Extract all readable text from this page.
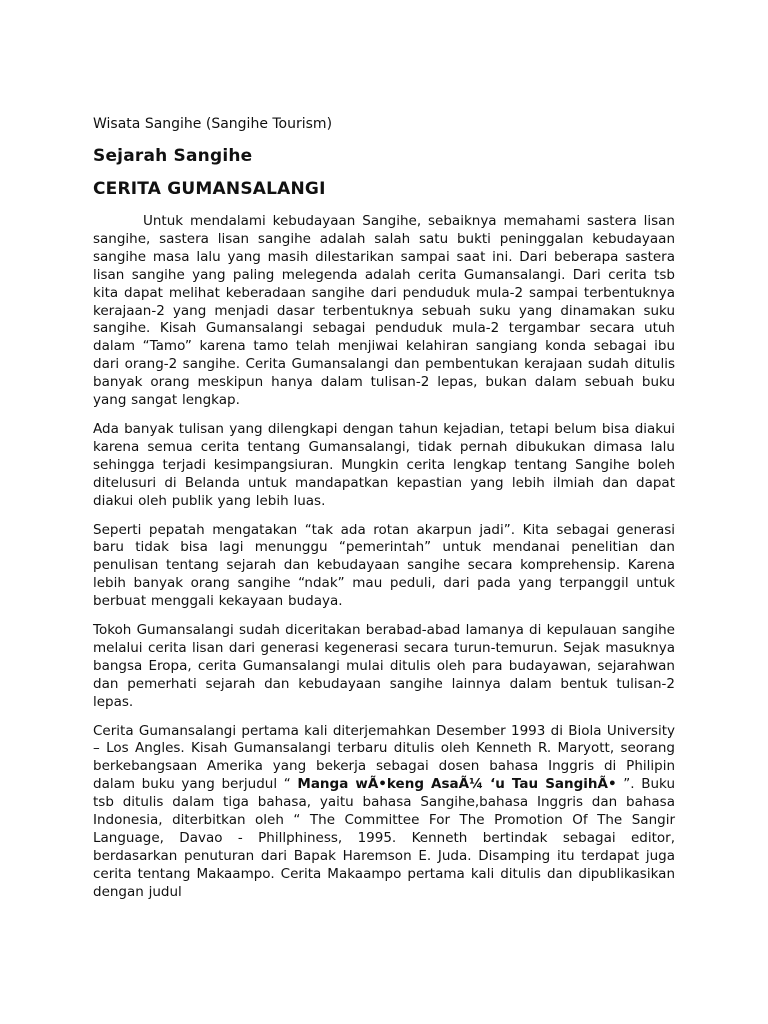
Wisata Sangihe (Sangihe Tourism)
Sejarah Sangihe
CERITA GUMANSALANGI

Untuk mendalami kebudayaan Sangihe, sebaiknya memahami sastera lisan sangihe, sastera lisan sangihe adalah salah satu bukti peninggalan kebudayaan sangihe masa lalu yang masih dilestarikan sampai saat ini. Dari beberapa sastera lisan sangihe yang paling melegenda adalah cerita Gumansalangi. Dari cerita tsb kita dapat melihat keberadaan sangihe dari penduduk mula-2 sampai terbentuknya kerajaan-2 yang menjadi dasar terbentuknya sebuah suku yang dinamakan suku sangihe. Kisah Gumansalangi sebagai penduduk mula-2 tergambar secara utuh dalam “Tamo” karena tamo telah menjiwai kelahiran sangiang konda sebagai ibu dari orang-2 sangihe. Cerita Gumansalangi dan pembentukan kerajaan sudah ditulis banyak orang meskipun hanya dalam tulisan-2 lepas, bukan dalam sebuah buku yang sangat lengkap.

Ada banyak tulisan yang dilengkapi dengan tahun kejadian, tetapi belum bisa diakui karena semua cerita tentang Gumansalangi, tidak pernah dibukukan dimasa lalu sehingga terjadi kesimpangsiuran. Mungkin cerita lengkap tentang Sangihe boleh ditelusuri di Belanda untuk mandapatkan kepastian yang lebih ilmiah dan dapat diakui oleh publik yang lebih luas.

Seperti pepatah mengatakan “tak ada rotan akarpun jadi”. Kita sebagai generasi baru tidak bisa lagi menunggu “pemerintah” untuk mendanai penelitian dan penulisan tentang sejarah dan kebudayaan sangihe secara komprehensip. Karena lebih banyak orang sangihe “ndak” mau peduli, dari pada yang terpanggil untuk berbuat menggali kekayaan budaya.

Tokoh Gumansalangi sudah diceritakan berabad-abad lamanya di kepulauan sangihe melalui cerita lisan dari generasi kegenerasi secara turun-temurun. Sejak masuknya bangsa Eropa, cerita Gumansalangi mulai ditulis oleh para budayawan, sejarahwan dan pemerhati sejarah dan kebudayaan sangihe lainnya dalam bentuk tulisan-2 lepas.

Cerita Gumansalangi pertama kali diterjemahkan Desember 1993 di Biola University – Los Angles. Kisah Gumansalangi terbaru ditulis oleh Kenneth R. Maryott, seorang berkebangsaan Amerika yang bekerja sebagai dosen bahasa Inggris di Philipin dalam buku yang berjudul “ Manga wÃ•keng AsaÃ¼ ‘u Tau SangihÃ• ”. Buku tsb ditulis dalam tiga bahasa, yaitu bahasa Sangihe,bahasa Inggris dan bahasa Indonesia, diterbitkan oleh “ The Committee For The Promotion Of The Sangir Language, Davao - Phillphiness, 1995. Kenneth bertindak sebagai editor, berdasarkan penuturan dari Bapak Haremson E. Juda. Disamping itu terdapat juga cerita tentang Makaampo. Cerita Makaampo pertama kali ditulis dan dipublikasikan dengan judul
